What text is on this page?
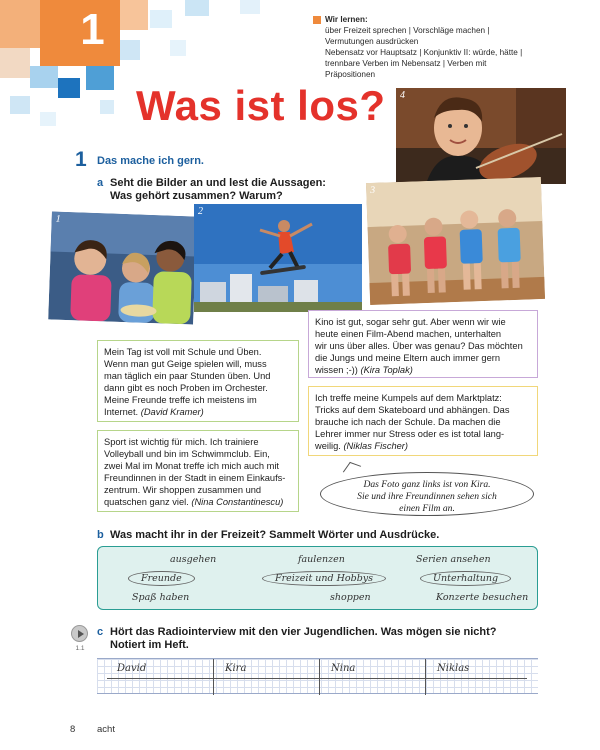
1	Wir lernen:
über Freizeit sprechen | Vorschläge machen |
Vermutungen ausdrücken
Nebensatz vor Hauptsatz | Konjunktiv II: würde, hätte |
trennbare Verben im Nebensatz | Verben mit
Präpositionen
Was ist los? 4
1 Das mache ich gern.
a Seht die Bilder an und lest die Aussagen:
Was gehört zusammen? Warum?
1
2
3
Kino ist gut, sogar sehr gut. Aber wenn wir wie
heute einen Film-Abend machen, unterhalten
wir uns über alles. Über was genau? Das möchten
die Jungs und meine Eltern auch immer gern
wissen ;-)) (Kira Toplak)
Mein Tag ist voll mit Schule und Üben.
Wenn man gut Geige spielen will, muss
man täglich ein paar Stunden üben. Und
dann gibt es noch Proben im Orchester.
Meine Freunde treffe ich meistens im
Internet. (David Kramer)
Ich treffe meine Kumpels auf dem Marktplatz:
Tricks auf dem Skateboard und abhängen. Das
brauche ich nach der Schule. Da machen die
Lehrer immer nur Stress oder es ist total lang-
weilig. (Niklas Fischer)
Sport ist wichtig für mich. Ich trainiere
Volleyball und bin im Schwimmclub. Ein,
zwei Mal im Monat treffe ich mich auch mit
Freundinnen in der Stadt in einem Einkaufs-
zentrum. Wir shoppen zusammen und
quatschen ganz viel. (Nina Constantinescu)
Das Foto ganz links ist von Kira.
Sie und ihre Freundinnen sehen sich
einen Film an.
b Was macht ihr in der Freizeit? Sammelt Wörter und Ausdrücke.
ausgehen	faulenzen	Serien ansehen
Freunde	Freizeit und Hobbys	Unterhaltung
Spaß haben	shoppen	Konzerte besuchen
1.1
c Hört das Radiointerview mit den vier Jugendlichen. Was mögen sie nicht?
Notiert im Heft.
David	Kira	Nina	Niklas
8 acht
